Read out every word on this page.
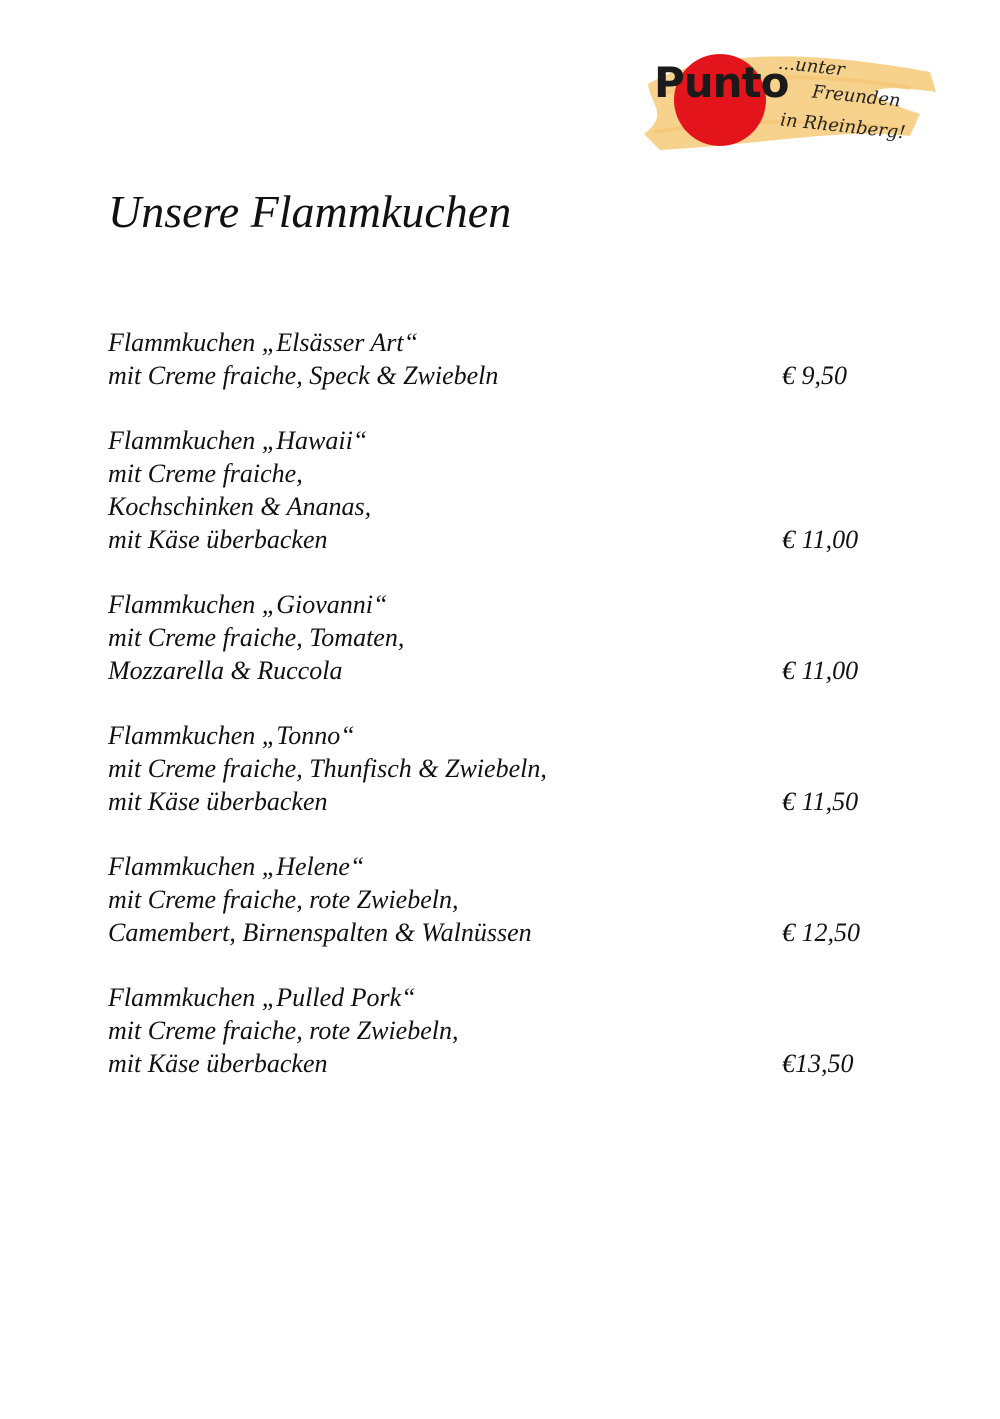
Punto
...unter
Freunden
in Rheinberg!
Unsere Flammkuchen
Flammkuchen „Elsässer Art“
mit Creme fraiche, Speck & Zwiebeln	€ 9,50
Flammkuchen „Hawaii“
mit Creme fraiche,
Kochschinken & Ananas,
mit Käse überbacken	€ 11,00
Flammkuchen „Giovanni“
mit Creme fraiche, Tomaten,
Mozzarella & Ruccola	€ 11,00
Flammkuchen „Tonno“
mit Creme fraiche, Thunfisch & Zwiebeln,
mit Käse überbacken	€ 11,50
Flammkuchen „Helene“
mit Creme fraiche, rote Zwiebeln,
Camembert, Birnenspalten & Walnüssen	€ 12,50
Flammkuchen „Pulled Pork“
mit Creme fraiche, rote Zwiebeln,
mit Käse überbacken	€13,50
